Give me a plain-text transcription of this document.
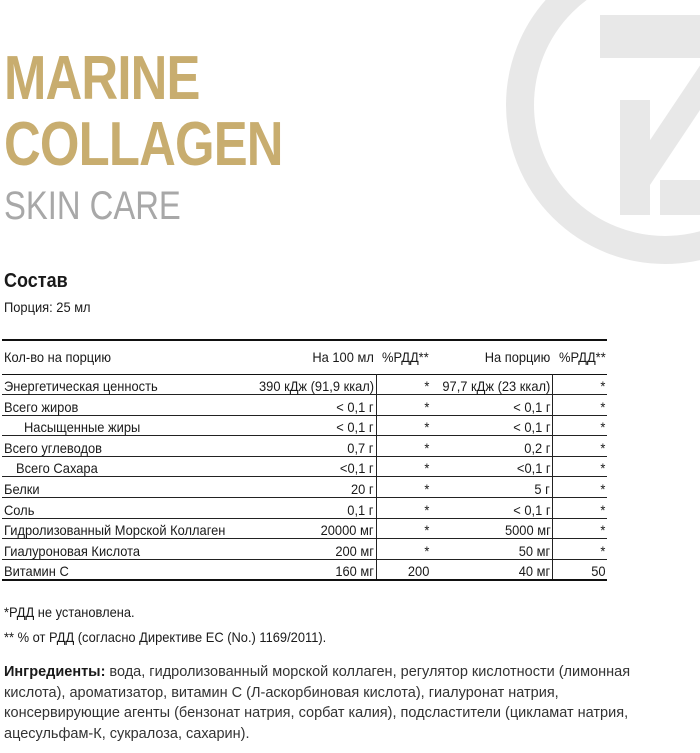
MARINE
COLLAGEN
SKIN CARE
Состав
Порция: 25 мл
Кол-во на порцию	На 100 мл	%РДД**	На порцию	%РДД**
Энергетическая ценность	390 кДж (91,9 ккал)	*	97,7 кДж (23 ккал)	*
Всего жиров	< 0,1 г	*	< 0,1 г	*
Насыщенные жиры	< 0,1 г	*	< 0,1 г	*
Всего углеводов	0,7 г	*	0,2 г	*
Всего Сахара	<0,1 г	*	<0,1 г	*
Белки	20 г	*	5 г	*
Соль	0,1 г	*	< 0,1 г	*
Гидролизованный Морской Коллаген	20000 мг	*	5000 мг	*
Гиалуроновая Кислота	200 мг	*	50 мг	*
Витамин С	160 мг	200	40 мг	50
*РДД не установлена.
** % от РДД (согласно Директиве ЕС (No.) 1169/2011).
Ингредиенты: вода, гидролизованный морской коллаген, регулятор кислотности (лимонная кислота), ароматизатор, витамин С (Л-аскорбиновая кислота), гиалуронат натрия, консервирующие агенты (бензонат натрия, сорбат калия), подсластители (цикламат натрия, ацесульфам-К, сукралоза, сахарин).
